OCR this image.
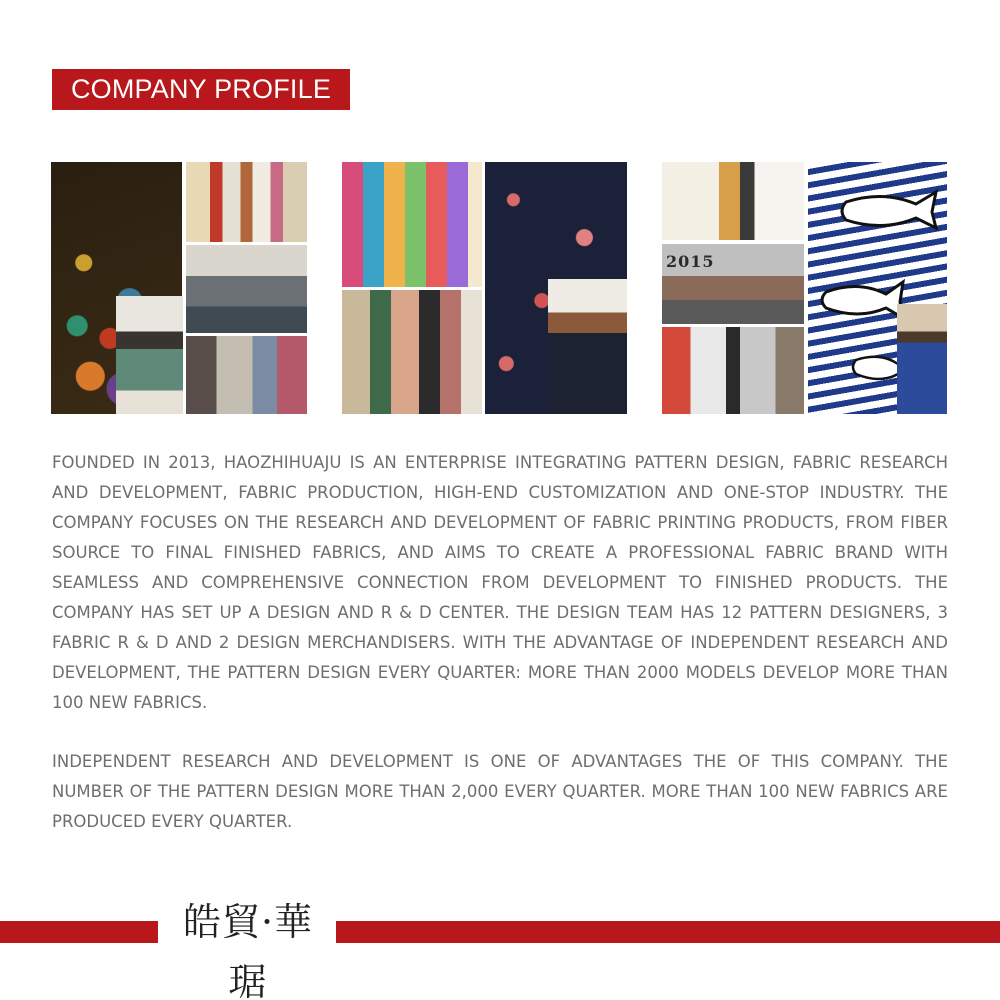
COMPANY PROFILE
2015

FOUNDED IN 2013, HAOZHIHUAJU IS AN ENTERPRISE INTEGRATING PATTERN DESIGN, FABRIC RESEARCH AND DEVELOPMENT, FABRIC PRODUCTION, HIGH-END CUSTOMIZATION AND ONE-STOP INDUSTRY. THE COMPANY FOCUSES ON THE RESEARCH AND DEVELOPMENT OF FABRIC PRINTING PRODUCTS, FROM FIBER SOURCE TO FINAL FINISHED FABRICS, AND AIMS TO CREATE A PROFESSIONAL FABRIC BRAND WITH SEAMLESS AND COMPREHENSIVE CONNECTION FROM DEVELOPMENT TO FINISHED PRODUCTS. THE COMPANY HAS SET UP A DESIGN AND R & D CENTER. THE DESIGN TEAM HAS 12 PATTERN DESIGNERS, 3 FABRIC R & D AND 2 DESIGN MERCHANDISERS. WITH THE ADVANTAGE OF INDEPENDENT RESEARCH AND DEVELOPMENT, THE PATTERN DESIGN EVERY QUARTER: MORE THAN 2000 MODELS DEVELOP MORE THAN 100 NEW FABRICS.

INDEPENDENT RESEARCH AND DEVELOPMENT IS ONE OF ADVANTAGES THE OF THIS COMPANY. THE NUMBER OF THE PATTERN DESIGN MORE THAN 2,000 EVERY QUARTER. MORE THAN 100 NEW FABRICS ARE PRODUCED EVERY QUARTER.

皓貿·華琚
